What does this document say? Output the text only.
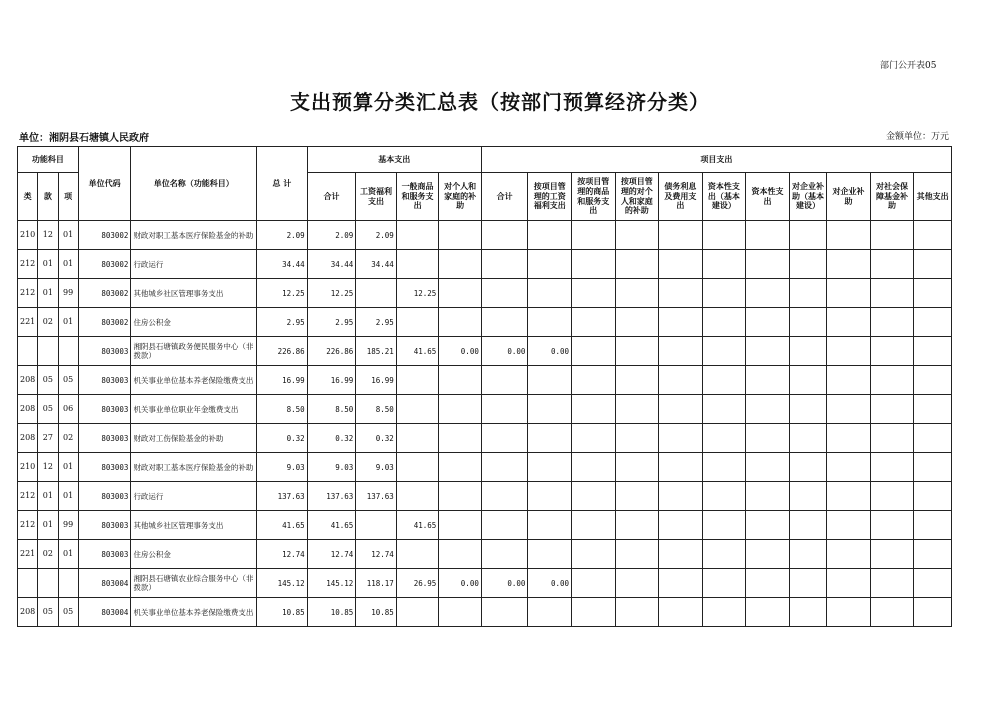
部门公开表05
支出预算分类汇总表（按部门预算经济分类）
单位：湘阴县石塘镇人民政府	金额单位：万元
功能科目			单位代码	单位名称（功能科目）	总 计	基本支出				项目支出										
类	款	项				合计	工资福利支出	一般商品和服务支出	对个人和家庭的补助	合计	按项目管理的工资福利支出	按项目管理的商品和服务支出	按项目管理的对个人和家庭的补助	债务利息及费用支出	资本性支出（基本建设）	资本性支出	对企业补助（基本建设）	对企业补助	对社会保障基金补助	其他支出
210	12	01	803002	财政对职工基本医疗保险基金的补助	2.09	2.09	2.09													
212	01	01	803002	行政运行	34.44	34.44	34.44													
212	01	99	803002	其他城乡社区管理事务支出	12.25	12.25		12.25												
221	02	01	803002	住房公积金	2.95	2.95	2.95													
			803003	湘阴县石塘镇政务便民服务中心（非拨款）	226.86	226.86	185.21	41.65	0.00	0.00	0.00									
208	05	05	803003	机关事业单位基本养老保险缴费支出	16.99	16.99	16.99													
208	05	06	803003	机关事业单位职业年金缴费支出	8.50	8.50	8.50													
208	27	02	803003	财政对工伤保险基金的补助	0.32	0.32	0.32													
210	12	01	803003	财政对职工基本医疗保险基金的补助	9.03	9.03	9.03													
212	01	01	803003	行政运行	137.63	137.63	137.63													
212	01	99	803003	其他城乡社区管理事务支出	41.65	41.65		41.65												
221	02	01	803003	住房公积金	12.74	12.74	12.74													
			803004	湘阴县石塘镇农业综合服务中心（非拨款）	145.12	145.12	118.17	26.95	0.00	0.00	0.00									
208	05	05	803004	机关事业单位基本养老保险缴费支出	10.85	10.85	10.85													
